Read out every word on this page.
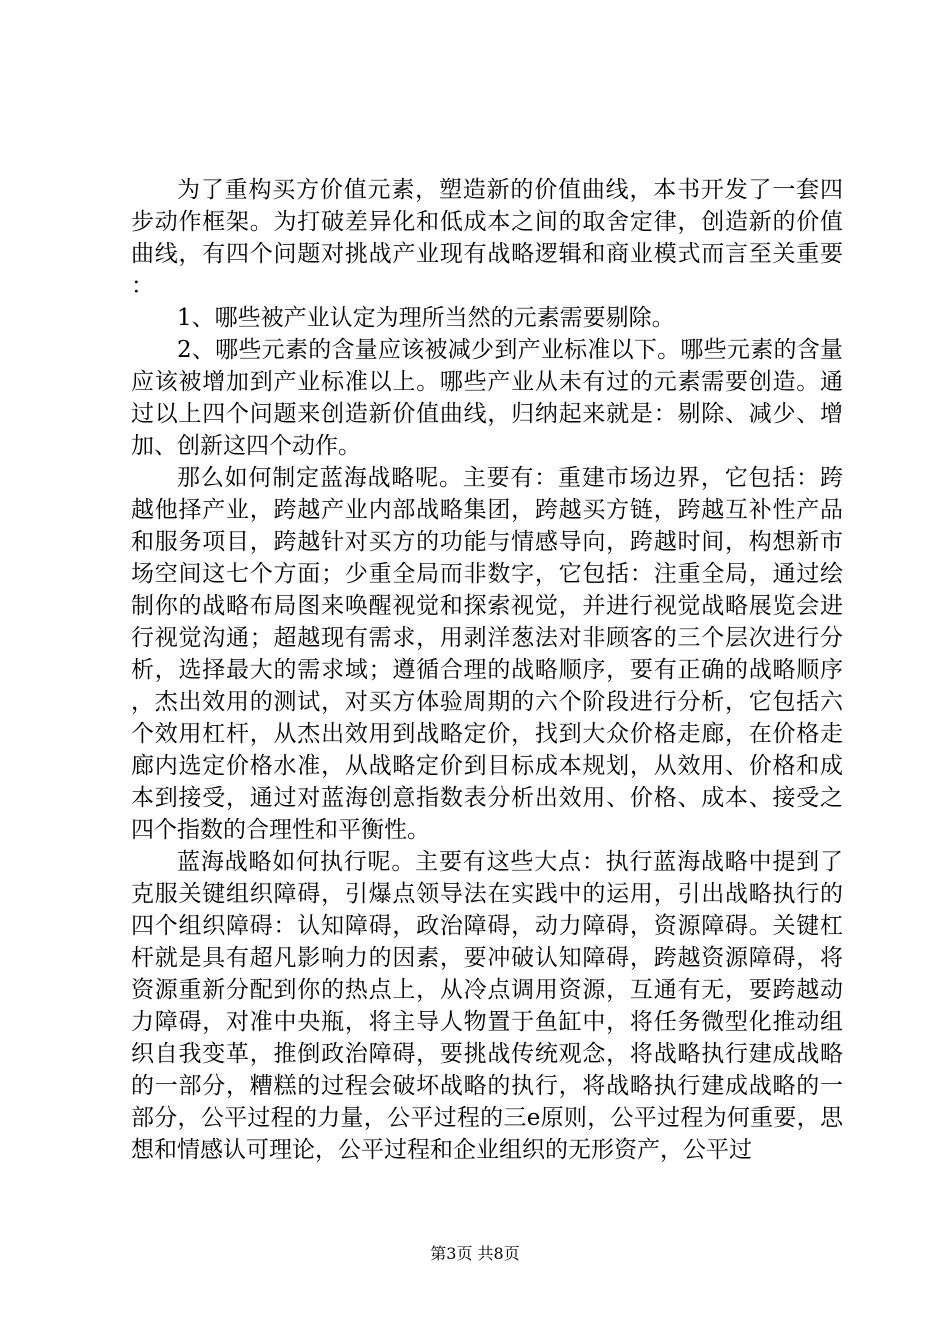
为了重构买方价值元素，塑造新的价值曲线，本书开发了一套四步动作框架。为打破差异化和低成本之间的取舍定律，创造新的价值曲线，有四个问题对挑战产业现有战略逻辑和商业模式而言至关重要：

1、哪些被产业认定为理所当然的元素需要剔除。

2、哪些元素的含量应该被减少到产业标准以下。哪些元素的含量应该被增加到产业标准以上。哪些产业从未有过的元素需要创造。通过以上四个问题来创造新价值曲线，归纳起来就是：剔除、减少、增加、创新这四个动作。

那么如何制定蓝海战略呢。主要有：重建市场边界，它包括：跨越他择产业，跨越产业内部战略集团，跨越买方链，跨越互补性产品和服务项目，跨越针对买方的功能与情感导向，跨越时间，构想新市场空间这七个方面；少重全局而非数字，它包括：注重全局，通过绘制你的战略布局图来唤醒视觉和探索视觉，并进行视觉战略展览会进行视觉沟通；超越现有需求，用剥洋葱法对非顾客的三个层次进行分析，选择最大的需求域；遵循合理的战略顺序，要有正确的战略顺序，杰出效用的测试，对买方体验周期的六个阶段进行分析，它包括六个效用杠杆，从杰出效用到战略定价，找到大众价格走廊，在价格走廊内选定价格水准，从战略定价到目标成本规划，从效用、价格和成本到接受，通过对蓝海创意指数表分析出效用、价格、成本、接受之四个指数的合理性和平衡性。

蓝海战略如何执行呢。主要有这些大点：执行蓝海战略中提到了克服关键组织障碍，引爆点领导法在实践中的运用，引出战略执行的四个组织障碍：认知障碍，政治障碍，动力障碍，资源障碍。关键杠杆就是具有超凡影响力的因素，要冲破认知障碍，跨越资源障碍，将资源重新分配到你的热点上，从冷点调用资源，互通有无，要跨越动力障碍，对准中央瓶，将主导人物置于鱼缸中，将任务微型化推动组织自我变革，推倒政治障碍，要挑战传统观念，将战略执行建成战略的一部分，糟糕的过程会破坏战略的执行，将战略执行建成战略的一部分，公平过程的力量，公平过程的三e原则，公平过程为何重要，思想和情感认可理论，公平过程和企业组织的无形资产，公平过

第3页 共8页
